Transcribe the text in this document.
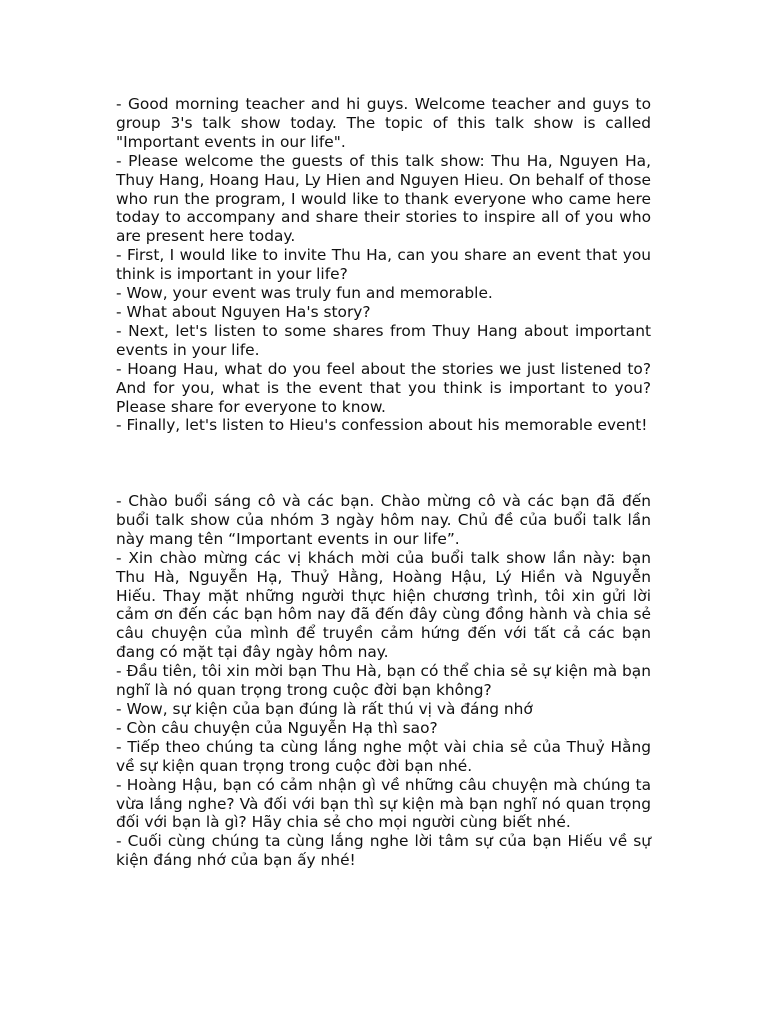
- Good morning teacher and hi guys. Welcome teacher and guys to group 3's talk show today. The topic of this talk show is called "Important events in our life".

- Please welcome the guests of this talk show: Thu Ha, Nguyen Ha, Thuy Hang, Hoang Hau, Ly Hien and Nguyen Hieu. On behalf of those who run the program, I would like to thank everyone who came here today to accompany and share their stories to inspire all of you who are present here today.

- First, I would like to invite Thu Ha, can you share an event that you think is important in your life?

- Wow, your event was truly fun and memorable.

- What about Nguyen Ha's story?

- Next, let's listen to some shares from Thuy Hang about important events in your life.

- Hoang Hau, what do you feel about the stories we just listened to? And for you, what is the event that you think is important to you? Please share for everyone to know.

- Finally, let's listen to Hieu's confession about his memorable event!

- Chào buổi sáng cô và các bạn. Chào mừng cô và các bạn đã đến buổi talk show của nhóm 3 ngày hôm nay. Chủ đề của buổi talk lần này mang tên “Important events in our life”.

- Xin chào mừng các vị khách mời của buổi talk show lần này: bạn Thu Hà, Nguyễn Hạ, Thuỷ Hằng, Hoàng Hậu, Lý Hiền và Nguyễn Hiếu. Thay mặt những người thực hiện chương trình, tôi xin gửi lời cảm ơn đến các bạn hôm nay đã đến đây cùng đồng hành và chia sẻ câu chuyện của mình để truyền cảm hứng đến với tất cả các bạn đang có mặt tại đây ngày hôm nay.

- Đầu tiên, tôi xin mời bạn Thu Hà, bạn có thể chia sẻ sự kiện mà bạn nghĩ là nó quan trọng trong cuộc đời bạn không?

- Wow, sự kiện của bạn đúng là rất thú vị và đáng nhớ

- Còn câu chuyện của Nguyễn Hạ thì sao?

- Tiếp theo chúng ta cùng lắng nghe một vài chia sẻ của Thuỷ Hằng về sự kiện quan trọng trong cuộc đời bạn nhé.

- Hoàng Hậu, bạn có cảm nhận gì về những câu chuyện mà chúng ta vừa lắng nghe? Và đối với bạn thì sự kiện mà bạn nghĩ nó quan trọng đối với bạn là gì? Hãy chia sẻ cho mọi người cùng biết nhé.

- Cuối cùng chúng ta cùng lắng nghe lời tâm sự của bạn Hiếu về sự kiện đáng nhớ của bạn ấy nhé!
